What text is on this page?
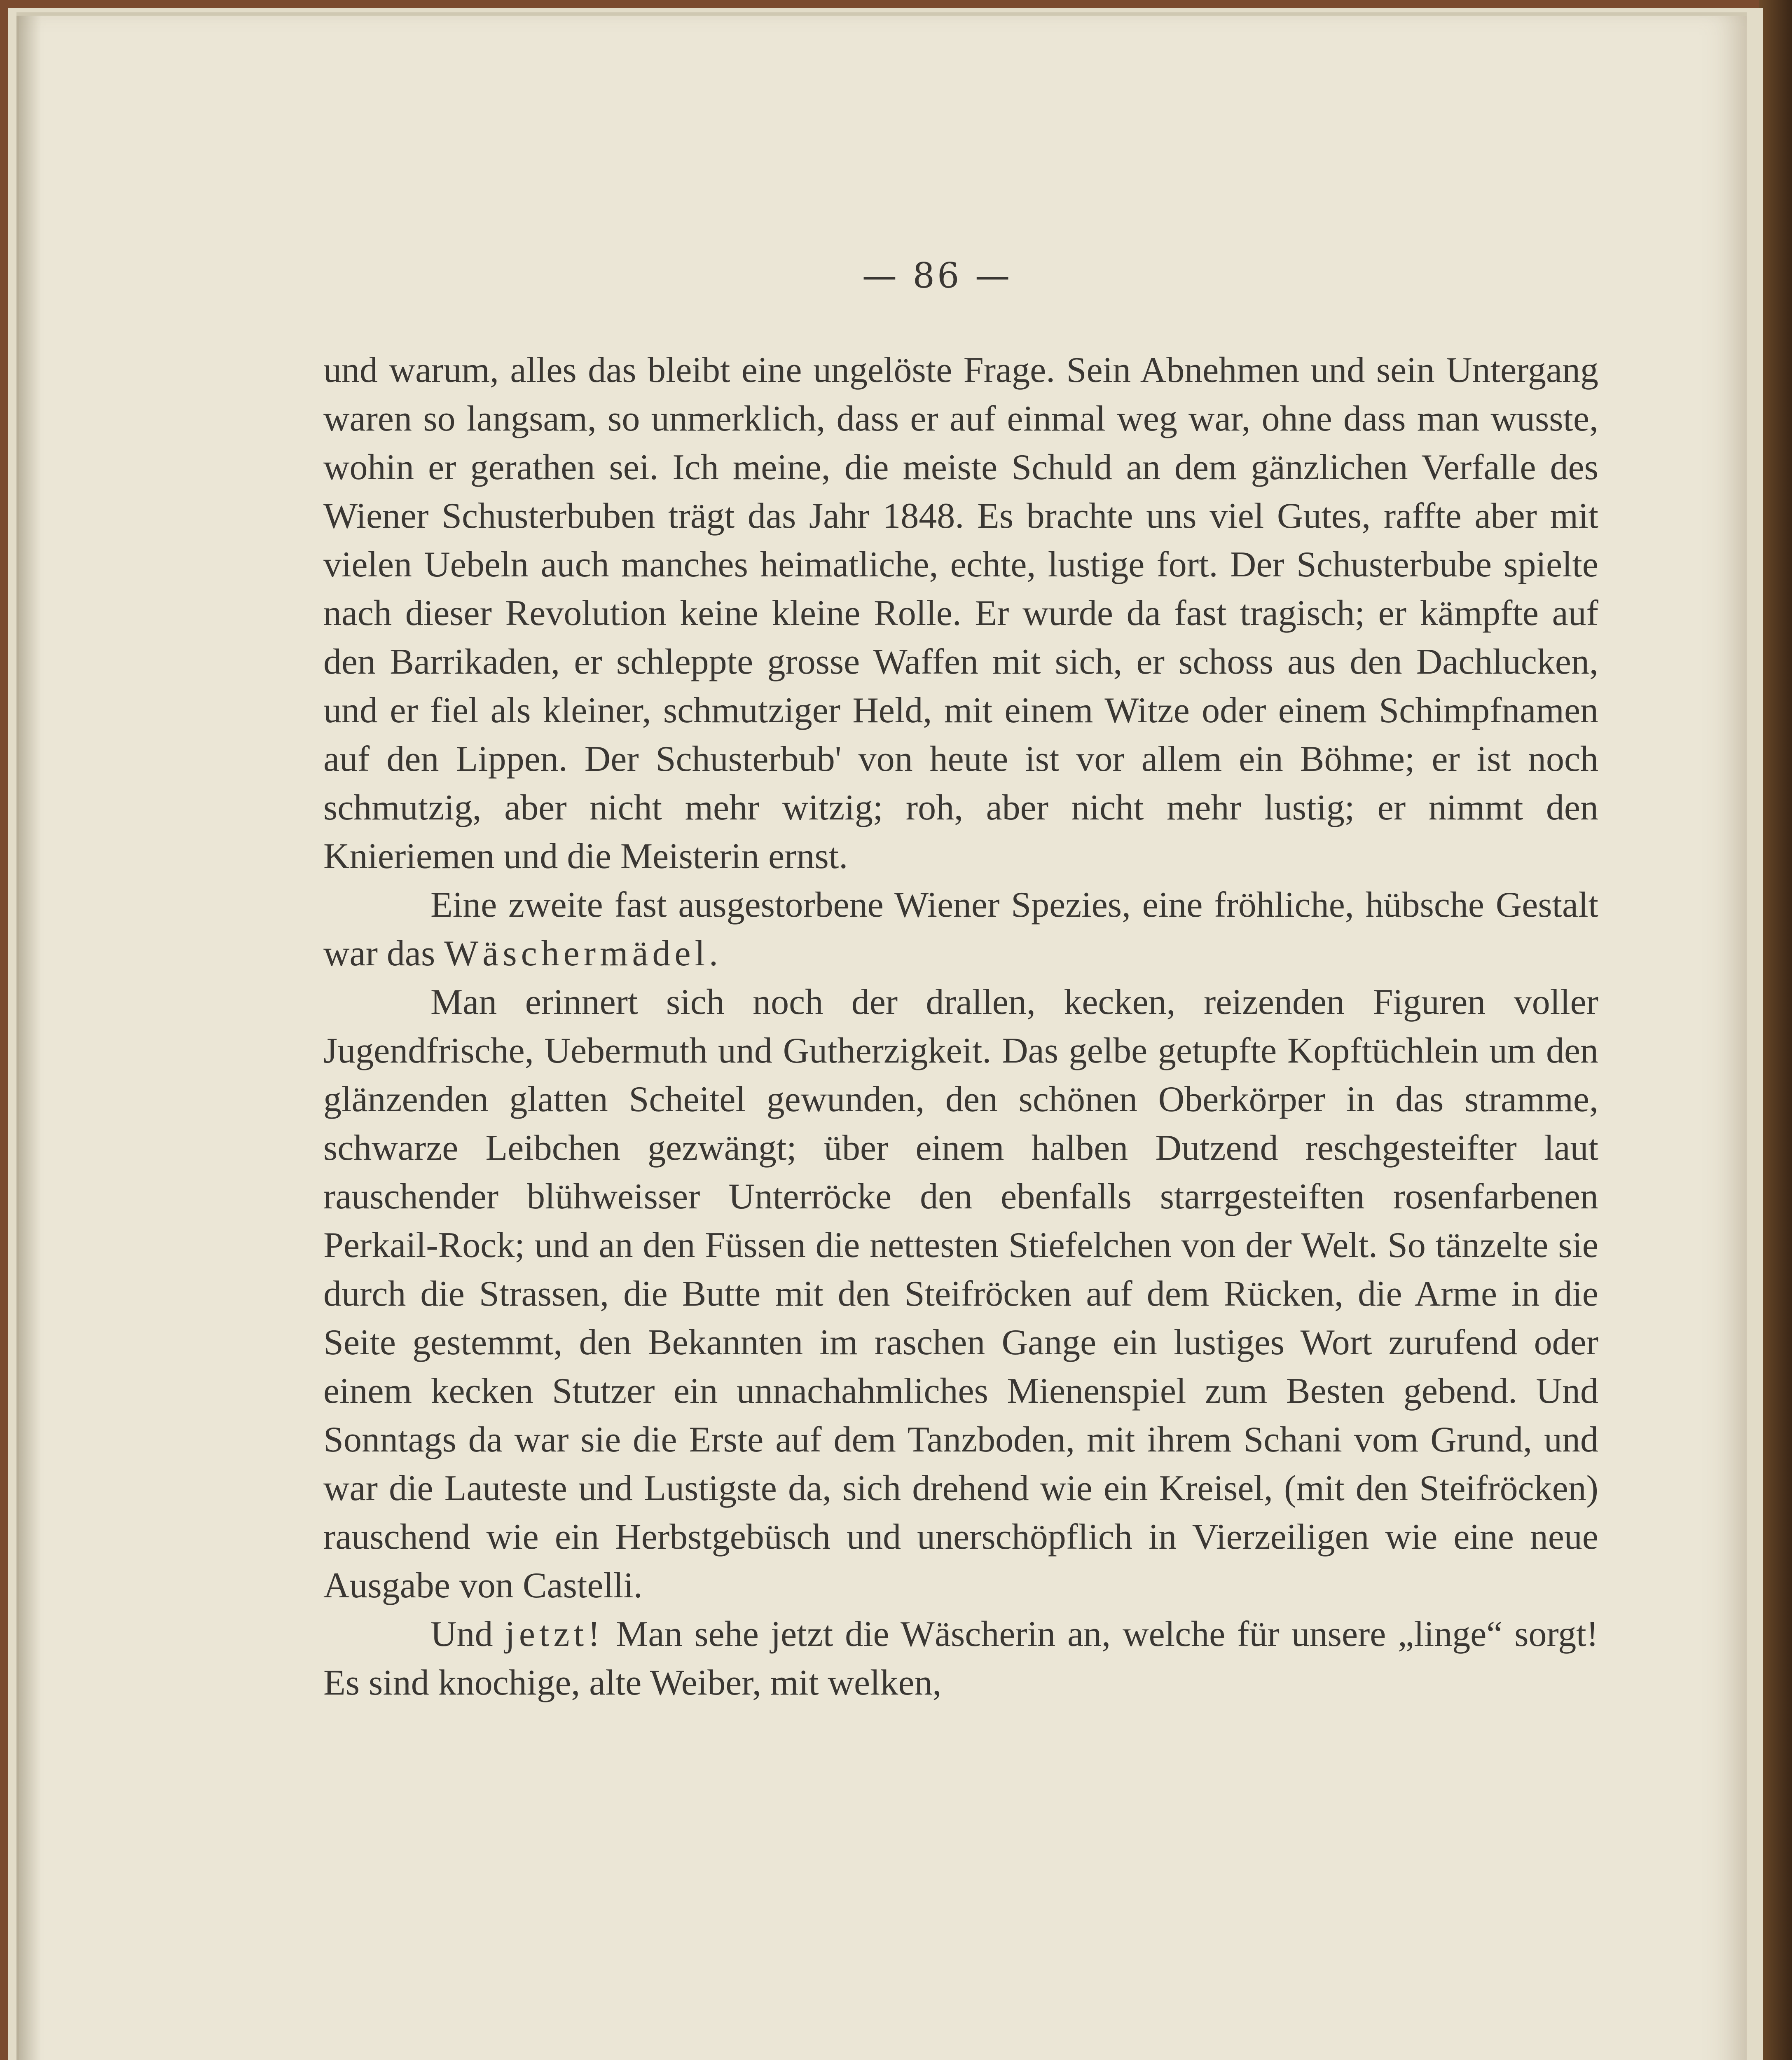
— 86 —

und warum, alles das bleibt eine ungelöste Frage. Sein Abnehmen und sein Untergang waren so langsam, so unmerklich, dass er auf einmal weg war, ohne dass man wusste, wohin er gerathen sei. Ich meine, die meiste Schuld an dem gänzlichen Verfalle des Wiener Schusterbuben trägt das Jahr 1848. Es brachte uns viel Gutes, raffte aber mit vielen Uebeln auch manches heimatliche, echte, lustige fort. Der Schusterbube spielte nach dieser Revolution keine kleine Rolle. Er wurde da fast tragisch; er kämpfte auf den Barrikaden, er schleppte grosse Waffen mit sich, er schoss aus den Dachlucken, und er fiel als kleiner, schmutziger Held, mit einem Witze oder einem Schimpfnamen auf den Lippen. Der Schusterbub' von heute ist vor allem ein Böhme; er ist noch schmutzig, aber nicht mehr witzig; roh, aber nicht mehr lustig; er nimmt den Knieriemen und die Meisterin ernst.

Eine zweite fast ausgestorbene Wiener Spezies, eine fröhliche, hübsche Gestalt war das Wäschermädel.

Man erinnert sich noch der drallen, kecken, reizenden Figuren voller Jugendfrische, Uebermuth und Gutherzigkeit. Das gelbe getupfte Kopftüchlein um den glänzenden glatten Scheitel gewunden, den schönen Oberkörper in das stramme, schwarze Leibchen gezwängt; über einem halben Dutzend reschgesteifter laut rauschender blühweisser Unterröcke den ebenfalls starrgesteiften rosenfarbenen Perkail-Rock; und an den Füssen die nettesten Stiefelchen von der Welt. So tänzelte sie durch die Strassen, die Butte mit den Steifröcken auf dem Rücken, die Arme in die Seite gestemmt, den Bekannten im raschen Gange ein lustiges Wort zurufend oder einem kecken Stutzer ein unnachahmliches Mienenspiel zum Besten gebend. Und Sonntags da war sie die Erste auf dem Tanzboden, mit ihrem Schani vom Grund, und war die Lauteste und Lustigste da, sich drehend wie ein Kreisel, (mit den Steifröcken) rauschend wie ein Herbstgebüsch und unerschöpflich in Vierzeiligen wie eine neue Ausgabe von Castelli.

Und jetzt! Man sehe jetzt die Wäscherin an, welche für unsere „linge“ sorgt! Es sind knochige, alte Weiber, mit welken,
